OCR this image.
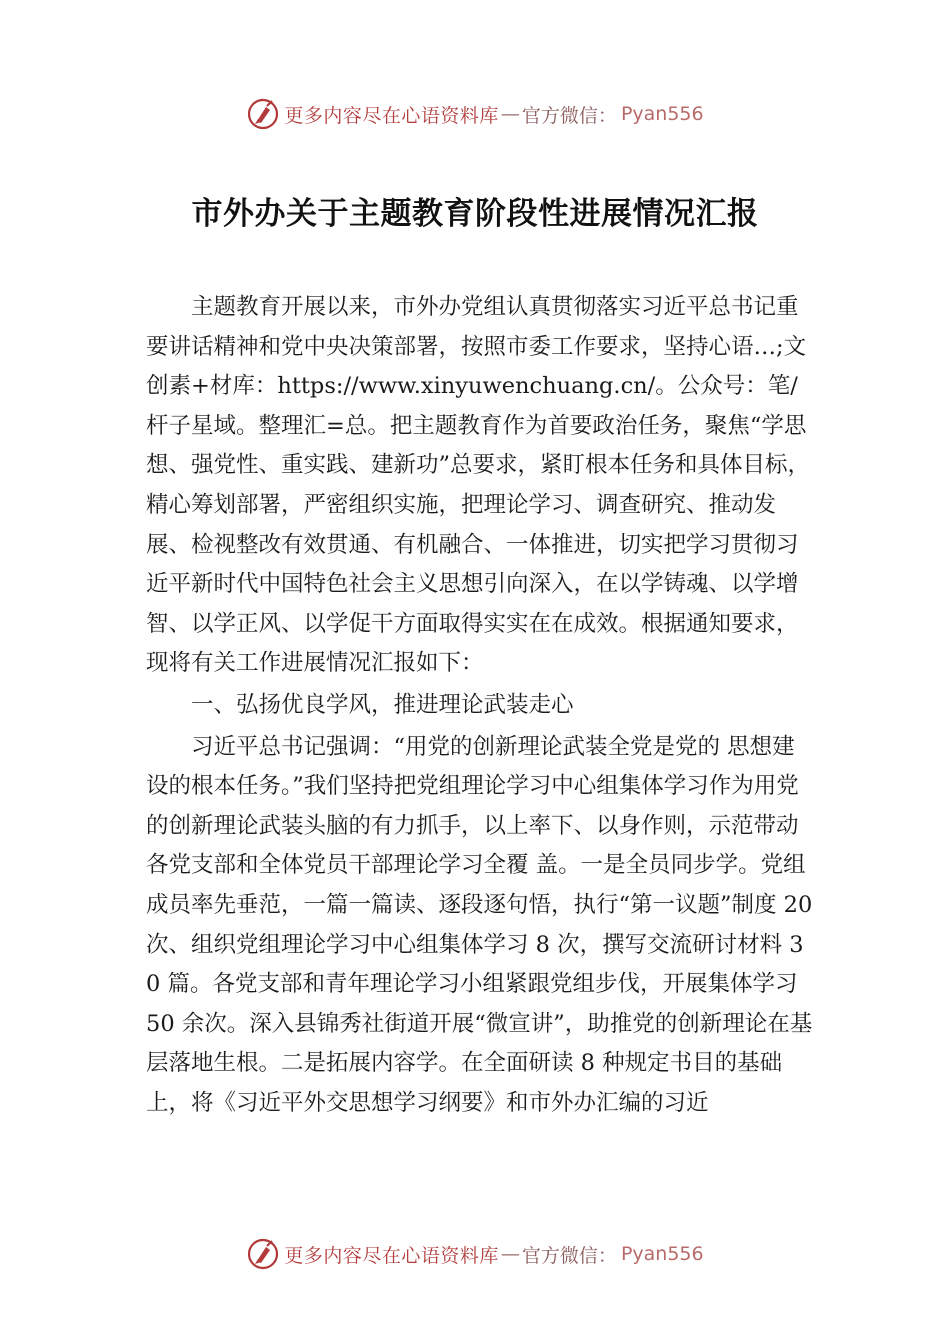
更多内容尽在心语资料库 — 官方微信： Pyan556
市外办关于主题教育阶段性进展情况汇报

主题教育开展以来，市外办党组认真贯彻落实习近平总书记重要讲话精神和党中央决策部署，按照市委工作要求，坚持心语…;文创素+材库：https://www.xinyuwenchuang.cn/。公众号：笔/杆子星域。整理汇=总。把主题教育作为首要政治任务，聚焦“学思想、强党性、重实践、建新功”总要求，紧盯根本任务和具体目标，精心筹划部署，严密组织实施，把理论学习、调查研究、推动发展、检视整改有效贯通、有机融合、一体推进，切实把学习贯彻习近平新时代中国特色社会主义思想引向深入，在以学铸魂、以学增智、以学正风、以学促干方面取得实实在在成效。根据通知要求，现将有关工作进展情况汇报如下：

一、弘扬优良学风，推进理论武装走心

习近平总书记强调：“用党的创新理论武装全党是党的 思想建设的根本任务。”我们坚持把党组理论学习中心组集体学习作为用党的创新理论武装头脑的有力抓手，以上率下、以身作则，示范带动各党支部和全体党员干部理论学习全覆 盖。一是全员同步学。党组成员率先垂范，一篇一篇读、逐段逐句悟，执行“第一议题”制度 20 次、组织党组理论学习中心组集体学习 8 次，撰写交流研讨材料 30 篇。各党支部和青年理论学习小组紧跟党组步伐，开展集体学习 50 余次。深入县锦秀社街道开展“微宣讲”，助推党的创新理论在基层落地生根。二是拓展内容学。在全面研读 8 种规定书目的基础上，将《习近平外交思想学习纲要》和市外办汇编的习近

更多内容尽在心语资料库 — 官方微信： Pyan556
